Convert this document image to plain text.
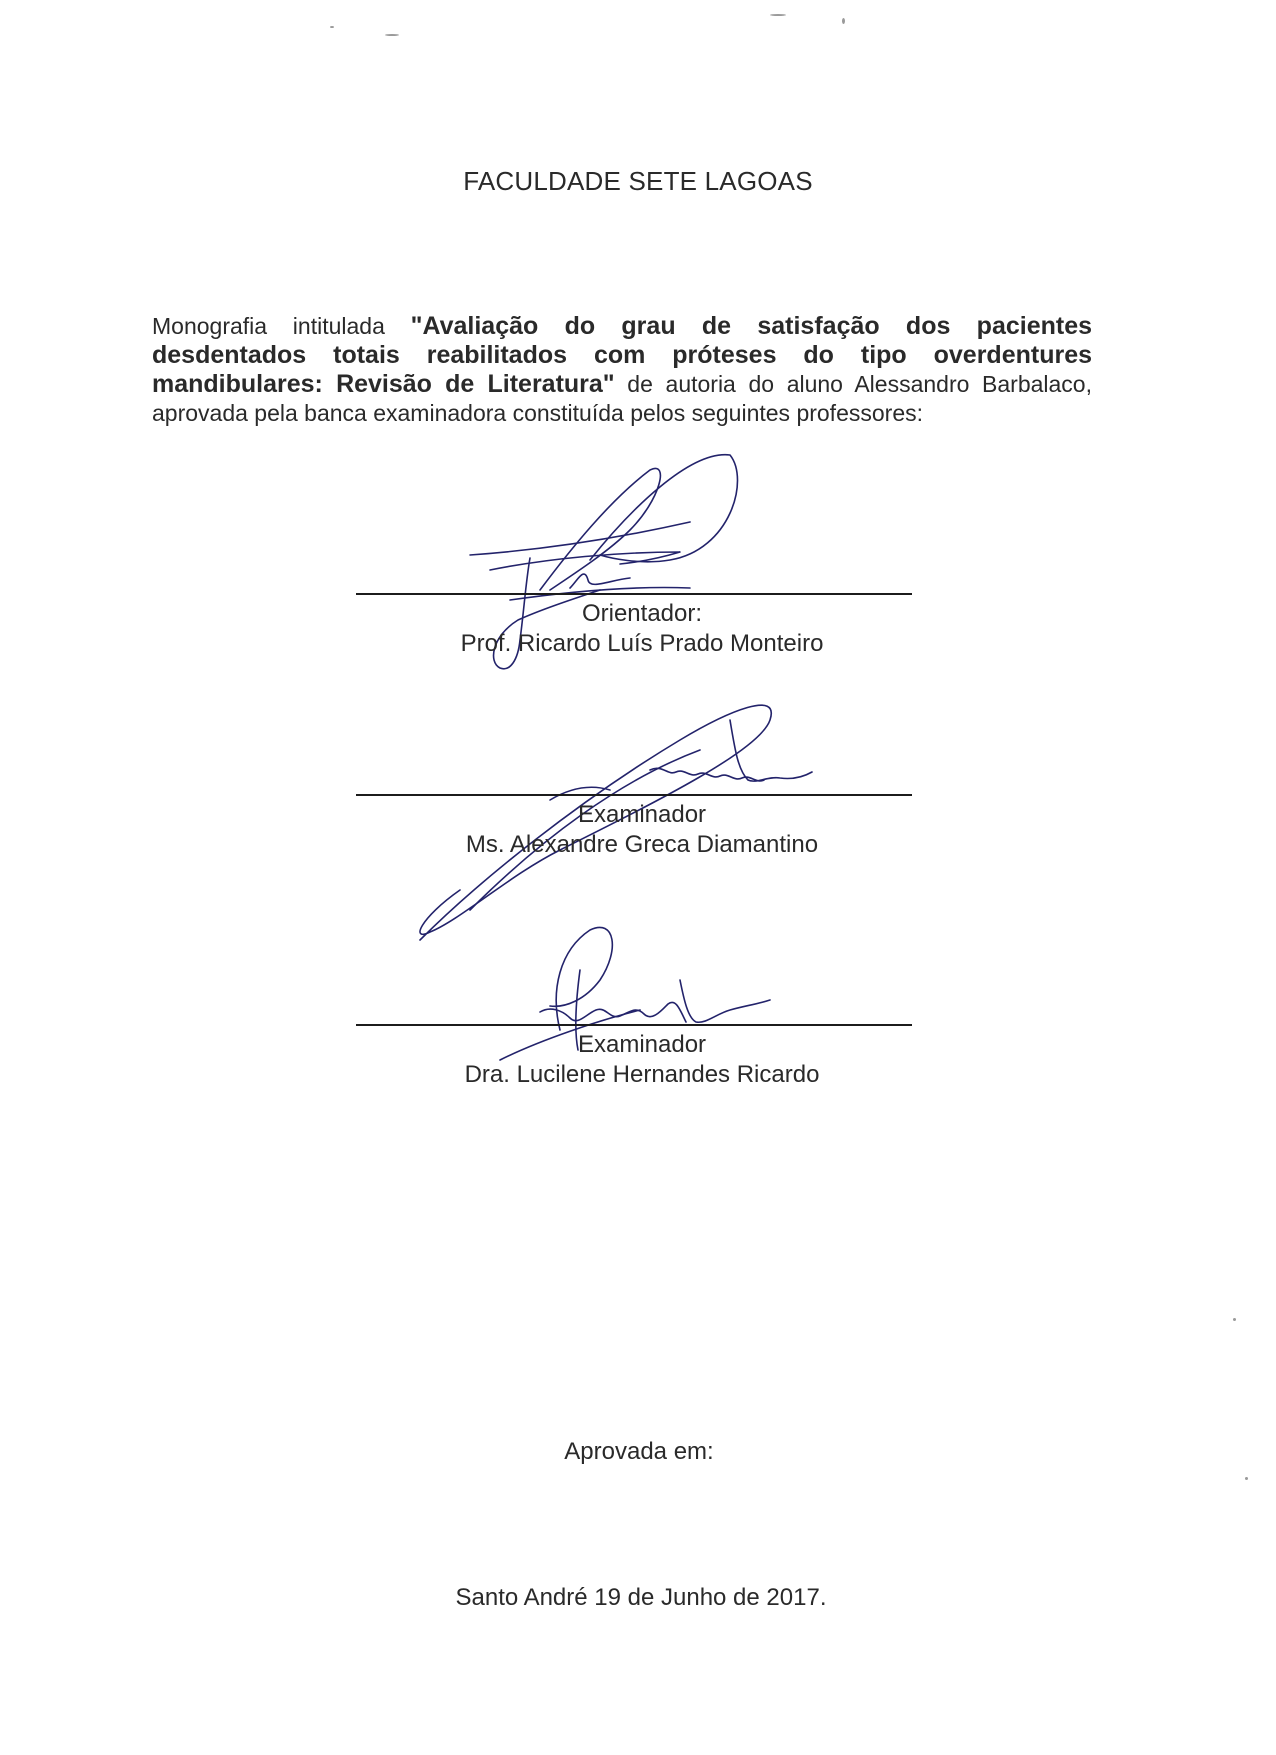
FACULDADE SETE LAGOAS

Monografia intitulada "Avaliação do grau de satisfação dos pacientes desdentados totais reabilitados com próteses do tipo overdentures mandibulares: Revisão de Literatura" de autoria do aluno Alessandro Barbalaco, aprovada pela banca examinadora constituída pelos seguintes professores:

Orientador:
Prof. Ricardo Luís Prado Monteiro
Examinador
Ms. Alexandre Greca Diamantino
Examinador
Dra. Lucilene Hernandes Ricardo
Aprovada em:
Santo André 19 de Junho de 2017.
